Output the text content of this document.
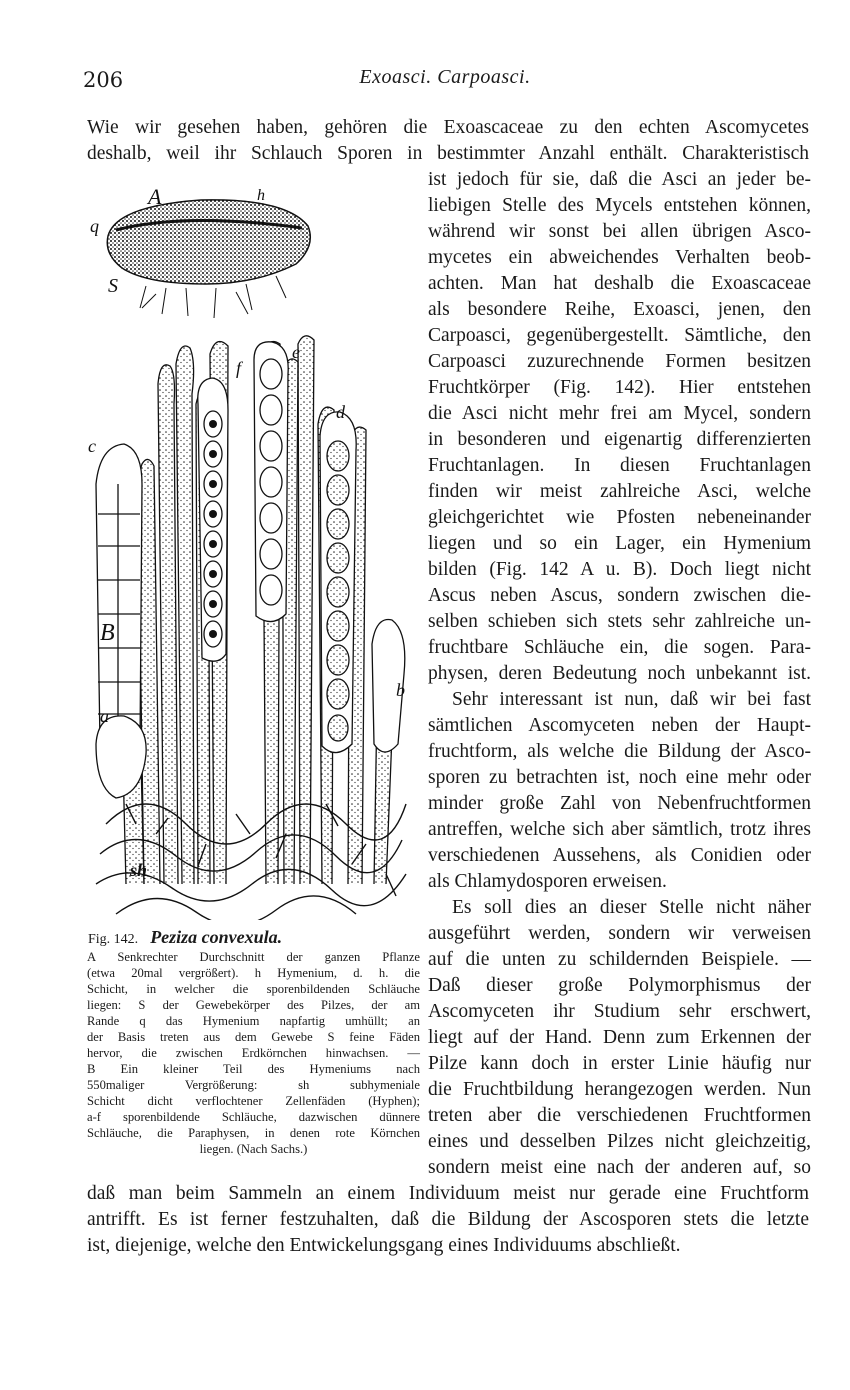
206	Exoasci. Carpoasci.
Wie wir gesehen haben, gehören die Exoascaceae zu den echten Ascomycetes
deshalb, weil ihr Schlauch Sporen in bestimmter Anzahl enthält. Charakteristisch
ist jedoch für sie, daß die Asci an jeder be-
liebigen Stelle des Mycels entstehen können,
während wir sonst bei allen übrigen Asco-
mycetes ein abweichendes Verhalten beob-
achten. Man hat deshalb die Exoascaceae
als besondere Reihe, Exoasci, jenen, den
Carpoasci, gegenübergestellt. Sämtliche, den
Carpoasci zuzurechnende Formen besitzen
Fruchtkörper (Fig. 142). Hier entstehen
die Asci nicht mehr frei am Mycel, sondern
in besonderen und eigenartig differenzierten
Fruchtanlagen. In diesen Fruchtanlagen
finden wir meist zahlreiche Asci, welche
gleichgerichtet wie Pfosten nebeneinander
liegen und so ein Lager, ein Hymenium
bilden (Fig. 142 A u. B). Doch liegt nicht
Ascus neben Ascus, sondern zwischen die-
selben schieben sich stets sehr zahlreiche un-
fruchtbare Schläuche ein, die sogen. Para-
physen, deren Bedeutung noch unbekannt ist.
Sehr interessant ist nun, daß wir bei fast
sämtlichen Ascomyceten neben der Haupt-
fruchtform, als welche die Bildung der Asco-
sporen zu betrachten ist, noch eine mehr oder
minder große Zahl von Nebenfruchtformen
antreffen, welche sich aber sämtlich, trotz ihres
verschiedenen Aussehens, als Conidien oder
als Chlamydosporen erweisen.
Es soll dies an dieser Stelle nicht näher
ausgeführt werden, sondern wir verweisen
auf die unten zu schildernden Beispiele. —
Daß dieser große Polymorphismus der
Ascomyceten ihr Studium sehr erschwert,
liegt auf der Hand. Denn zum Erkennen der
Pilze kann doch in erster Linie häufig nur
die Fruchtbildung herangezogen werden. Nun
treten aber die verschiedenen Fruchtformen
eines und desselben Pilzes nicht gleichzeitig,
sondern meist eine nach der anderen auf, so
daß man beim Sammeln an einem Individuum meist nur gerade eine Fruchtform
antrifft. Es ist ferner festzuhalten, daß die Bildung der Ascosporen stets die letzte
ist, diejenige, welche den Entwickelungsgang eines Individuums abschließt.
A	h
q
S
e
f
c
d
B
a
b
sh
Fig. 142. Peziza convexula.
A Senkrechter Durchschnitt der ganzen Pflanze
(etwa 20mal vergrößert). h Hymenium, d. h. die
Schicht, in welcher die sporenbildenden Schläuche
liegen: S der Gewebekörper des Pilzes, der am
Rande q das Hymenium napfartig umhüllt; an
der Basis treten aus dem Gewebe S feine Fäden
hervor, die zwischen Erdkörnchen hinwachsen. —
B Ein kleiner Teil des Hymeniums nach
550maliger Vergrößerung: sh subhymeniale
Schicht dicht verflochtener Zellenfäden (Hyphen);
a-f sporenbildende Schläuche, dazwischen dünnere
Schläuche, die Paraphysen, in denen rote Körnchen
liegen. (Nach Sachs.)
